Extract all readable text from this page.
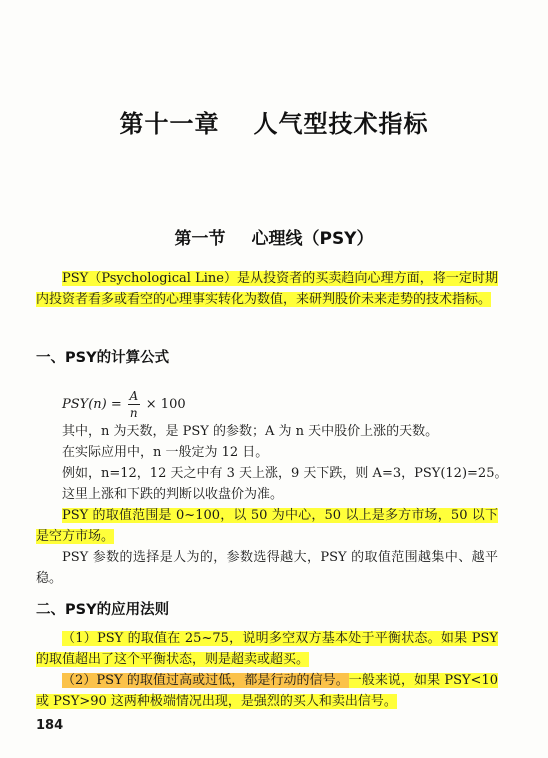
第十一章 人气型技术指标
第一节 心理线（PSY）

PSY（Psychological Line）是从投资者的买卖趋向心理方面，将一定时期内投资者看多或看空的心理事实转化为数值，来研判股价未来走势的技术指标。

一、PSY的计算公式
$PSY(n) = \frac{A}{n} \times 100$
其中，n 为天数，是 PSY 的参数；A 为 n 天中股价上涨的天数。
在实际应用中，n 一般定为 12 日。
例如，n=12，12 天之中有 3 天上涨，9 天下跌，则 A=3，PSY(12)=25。
这里上涨和下跌的判断以收盘价为准。

PSY 的取值范围是 0~100，以 50 为中心，50 以上是多方市场，50 以下是空方市场。

PSY 参数的选择是人为的，参数选得越大，PSY 的取值范围越集中、越平稳。

二、PSY的应用法则

（1）PSY 的取值在 25~75，说明多空双方基本处于平衡状态。如果 PSY 的取值超出了这个平衡状态，则是超卖或超买。

（2）PSY 的取值过高或过低，都是行动的信号。一般来说，如果 PSY<10 或 PSY>90 这两种极端情况出现，是强烈的买人和卖出信号。

184
